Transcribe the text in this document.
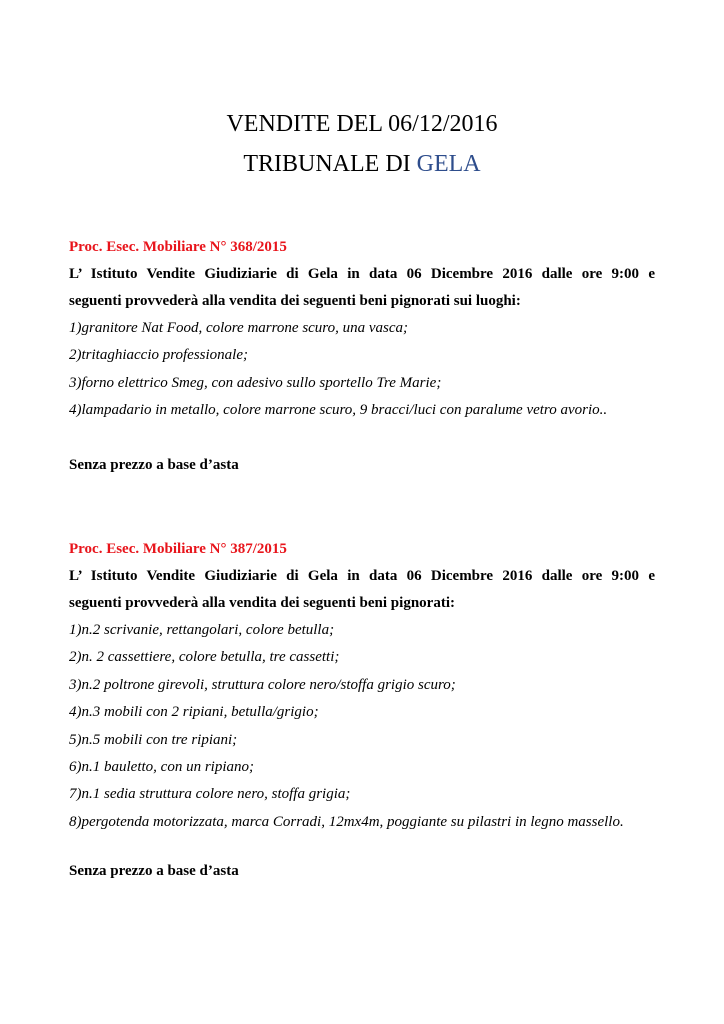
VENDITE DEL 06/12/2016
TRIBUNALE DI GELA
Proc. Esec. Mobiliare N° 368/2015
L’ Istituto Vendite Giudiziarie di Gela in data 06 Dicembre 2016 dalle ore 9:00 e
seguenti provvederà alla vendita dei seguenti beni pignorati sui luoghi:
1)granitore Nat Food, colore marrone scuro, una vasca;
2)tritaghiaccio professionale;
3)forno elettrico Smeg, con adesivo sullo sportello Tre Marie;
4)lampadario in metallo, colore marrone scuro, 9 bracci/luci con paralume vetro avorio..
Senza prezzo a base d’asta
Proc. Esec. Mobiliare N° 387/2015
L’ Istituto Vendite Giudiziarie di Gela in data 06 Dicembre 2016 dalle ore 9:00 e
seguenti provvederà alla vendita dei seguenti beni pignorati:
1)n.2 scrivanie, rettangolari, colore betulla;
2)n. 2 cassettiere, colore betulla, tre cassetti;
3)n.2 poltrone girevoli, struttura colore nero/stoffa grigio scuro;
4)n.3 mobili con 2 ripiani, betulla/grigio;
5)n.5 mobili con tre ripiani;
6)n.1 bauletto, con un ripiano;
7)n.1 sedia struttura colore nero, stoffa grigia;
8)pergotenda motorizzata, marca Corradi, 12mx4m, poggiante su pilastri in legno massello.
Senza prezzo a base d’asta
